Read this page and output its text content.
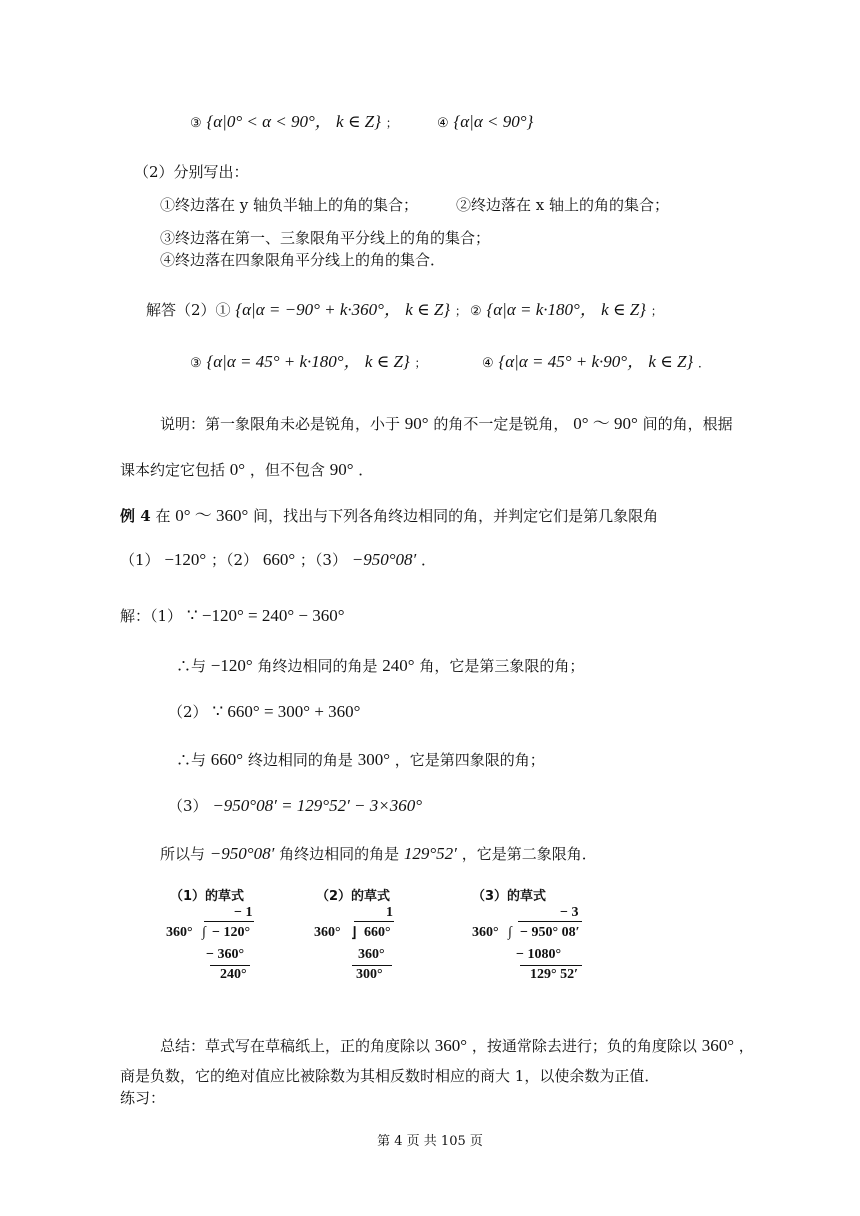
③ {α|0° < α < 90°， k ∈ Z} ；	④ {α|α < 90°}
（2）分别写出：
①终边落在 y 轴负半轴上的角的集合；	②终边落在 x 轴上的角的集合；
③终边落在第一、三象限角平分线上的角的集合；
④终边落在四象限角平分线上的角的集合．
解答（2）① {α|α = −90° + k·360°， k ∈ Z} ； ② {α|α = k·180°， k ∈ Z} ；
③ {α|α = 45° + k·180°， k ∈ Z} ；	④ {α|α = 45° + k·90°， k ∈ Z} ．
说明：第一象限角未必是锐角，小于 90° 的角不一定是锐角， 0° ～ 90° 间的角，根据
课本约定它包括 0° ，但不包含 90° ．
例 4 在 0° ～ 360° 间，找出与下列各角终边相同的角，并判定它们是第几象限角
（1） −120° ；（2） 660° ；（3） −950°08′ ．
解：（1） ∵ −120° = 240° − 360°
∴与 −120° 角终边相同的角是 240° 角，它是第三象限的角；
（2） ∵ 660° = 300° + 360°
∴与 660° 终边相同的角是 300° ，它是第四象限的角；
（3） −950°08′ = 129°52′ − 3×360°
所以与 −950°08′ 角终边相同的角是 129°52′ ，它是第二象限角．
（1）的草式
− 1
360° ∫ − 120°
− 360°
240°
（2）的草式
1
360° ⌋ 660°
360°
300°
（3）的草式
− 3
360° ∫ − 950° 08′
− 1080°
129° 52′
总结：草式写在草稿纸上，正的角度除以 360° ，按通常除去进行；负的角度除以 360° ，
商是负数，它的绝对值应比被除数为其相反数时相应的商大 1，以使余数为正值．
练习：
第 4 页 共 105 页
